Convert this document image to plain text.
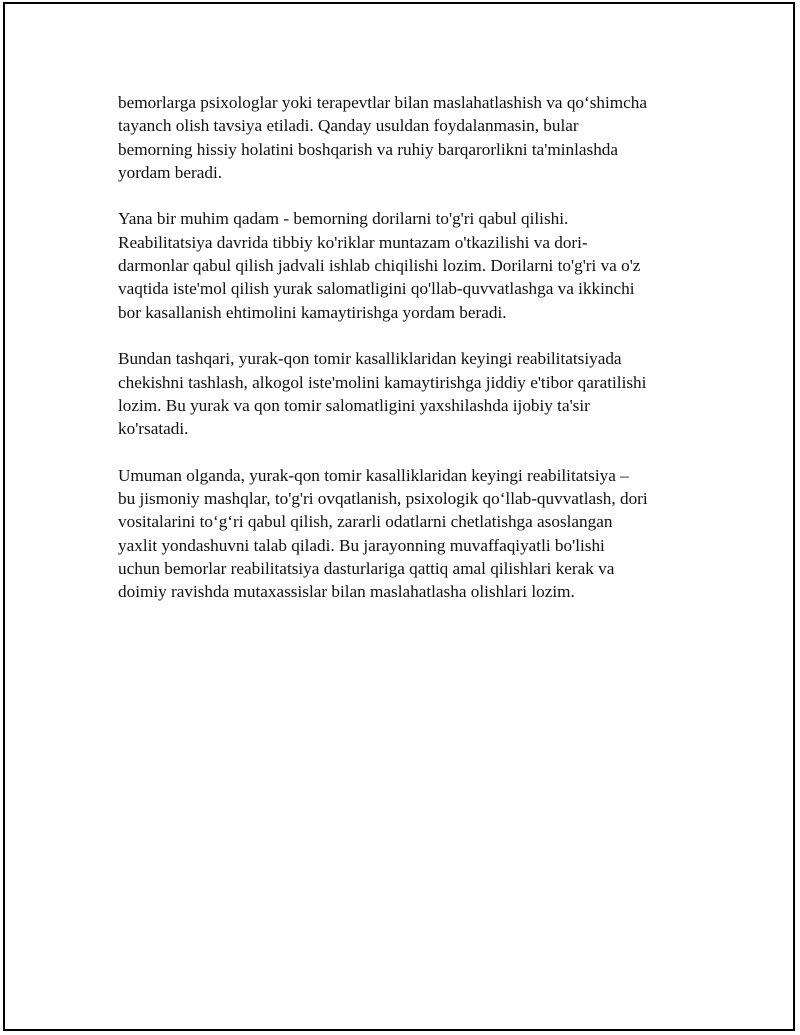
bemorlarga psixologlar yoki terapevtlar bilan maslahatlashish va qo‘shimcha
tayanch olish tavsiya etiladi. Qanday usuldan foydalanmasin, bular
bemorning hissiy holatini boshqarish va ruhiy barqarorlikni ta'minlashda
yordam beradi.

Yana bir muhim qadam - bemorning dorilarni to'g'ri qabul qilishi.
Reabilitatsiya davrida tibbiy ko'riklar muntazam o'tkazilishi va dori-
darmonlar qabul qilish jadvali ishlab chiqilishi lozim. Dorilarni to'g'ri va o'z
vaqtida iste'mol qilish yurak salomatligini qo'llab-quvvatlashga va ikkinchi
bor kasallanish ehtimolini kamaytirishga yordam beradi.

Bundan tashqari, yurak-qon tomir kasalliklaridan keyingi reabilitatsiyada
chekishni tashlash, alkogol iste'molini kamaytirishga jiddiy e'tibor qaratilishi
lozim. Bu yurak va qon tomir salomatligini yaxshilashda ijobiy ta'sir
ko'rsatadi.

Umuman olganda, yurak-qon tomir kasalliklaridan keyingi reabilitatsiya –
bu jismoniy mashqlar, to'g'ri ovqatlanish, psixologik qo‘llab-quvvatlash, dori
vositalarini to‘g‘ri qabul qilish, zararli odatlarni chetlatishga asoslangan
yaxlit yondashuvni talab qiladi. Bu jarayonning muvaffaqiyatli bo'lishi
uchun bemorlar reabilitatsiya dasturlariga qattiq amal qilishlari kerak va
doimiy ravishda mutaxassislar bilan maslahatlasha olishlari lozim.
